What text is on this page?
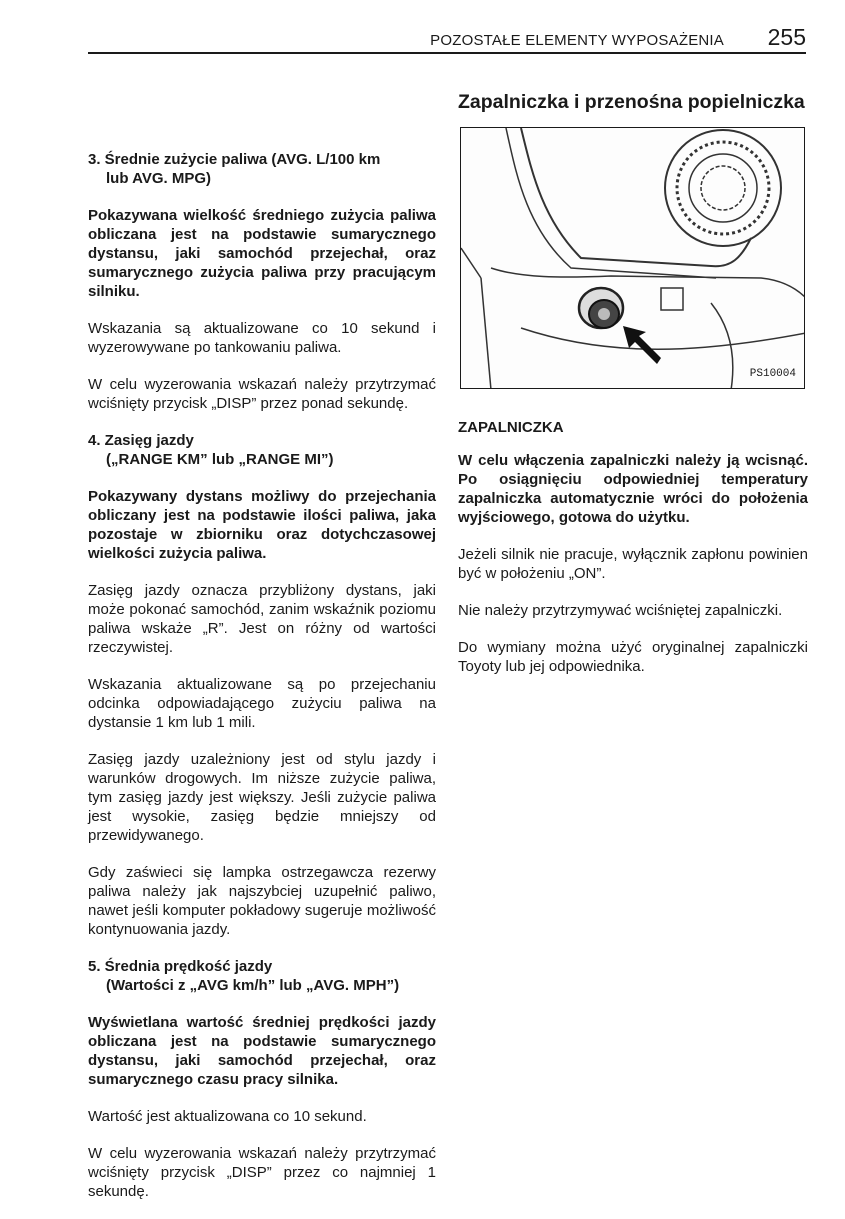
POZOSTAŁE ELEMENTY WYPOSAŻENIA 255
3. Średnie zużycie paliwa (AVG. L/100 km
lub AVG. MPG)

Pokazywana wielkość średniego zużycia paliwa obliczana jest na podstawie sumarycznego dystansu, jaki samochód przejechał, oraz sumarycznego zużycia paliwa przy pracującym silniku.

Wskazania są aktualizowane co 10 sekund i wyzerowywane po tankowaniu paliwa.

W celu wyzerowania wskazań należy przytrzymać wciśnięty przycisk „DISP” przez ponad sekundę.

4. Zasięg jazdy
(„RANGE KM” lub „RANGE MI”)

Pokazywany dystans możliwy do przejechania obliczany jest na podstawie ilości paliwa, jaka pozostaje w zbiorniku oraz dotychczasowej wielkości zużycia paliwa.

Zasięg jazdy oznacza przybliżony dystans, jaki może pokonać samochód, zanim wskaźnik poziomu paliwa wskaże „R”. Jest on różny od wartości rzeczywistej.

Wskazania aktualizowane są po przejechaniu odcinka odpowiadającego zużyciu paliwa na dystansie 1 km lub 1 mili.

Zasięg jazdy uzależniony jest od stylu jazdy i warunków drogowych. Im niższe zużycie paliwa, tym zasięg jazdy jest większy. Jeśli zużycie paliwa jest wysokie, zasięg będzie mniejszy od przewidywanego.

Gdy zaświeci się lampka ostrzegawcza rezerwy paliwa należy jak najszybciej uzupełnić paliwo, nawet jeśli komputer pokładowy sugeruje możliwość kontynuowania jazdy.

5. Średnia prędkość jazdy
(Wartości z „AVG km/h” lub „AVG. MPH”)

Wyświetlana wartość średniej prędkości jazdy obliczana jest na podstawie sumarycznego dystansu, jaki samochód przejechał, oraz sumarycznego czasu pracy silnika.

Wartość jest aktualizowana co 10 sekund.

W celu wyzerowania wskazań należy przytrzymać wciśnięty przycisk „DISP” przez co najmniej 1 sekundę.

Zapalniczka i przenośna popielniczka
PS10004
ZAPALNICZKA

W celu włączenia zapalniczki należy ją wcisnąć. Po osiągnięciu odpowiedniej temperatury zapalniczka automatycznie wróci do położenia wyjściowego, gotowa do użytku.

Jeżeli silnik nie pracuje, wyłącznik zapłonu powinien być w położeniu „ON”.

Nie należy przytrzymywać wciśniętej zapalniczki.

Do wymiany można użyć oryginalnej zapalniczki Toyoty lub jej odpowiednika.
